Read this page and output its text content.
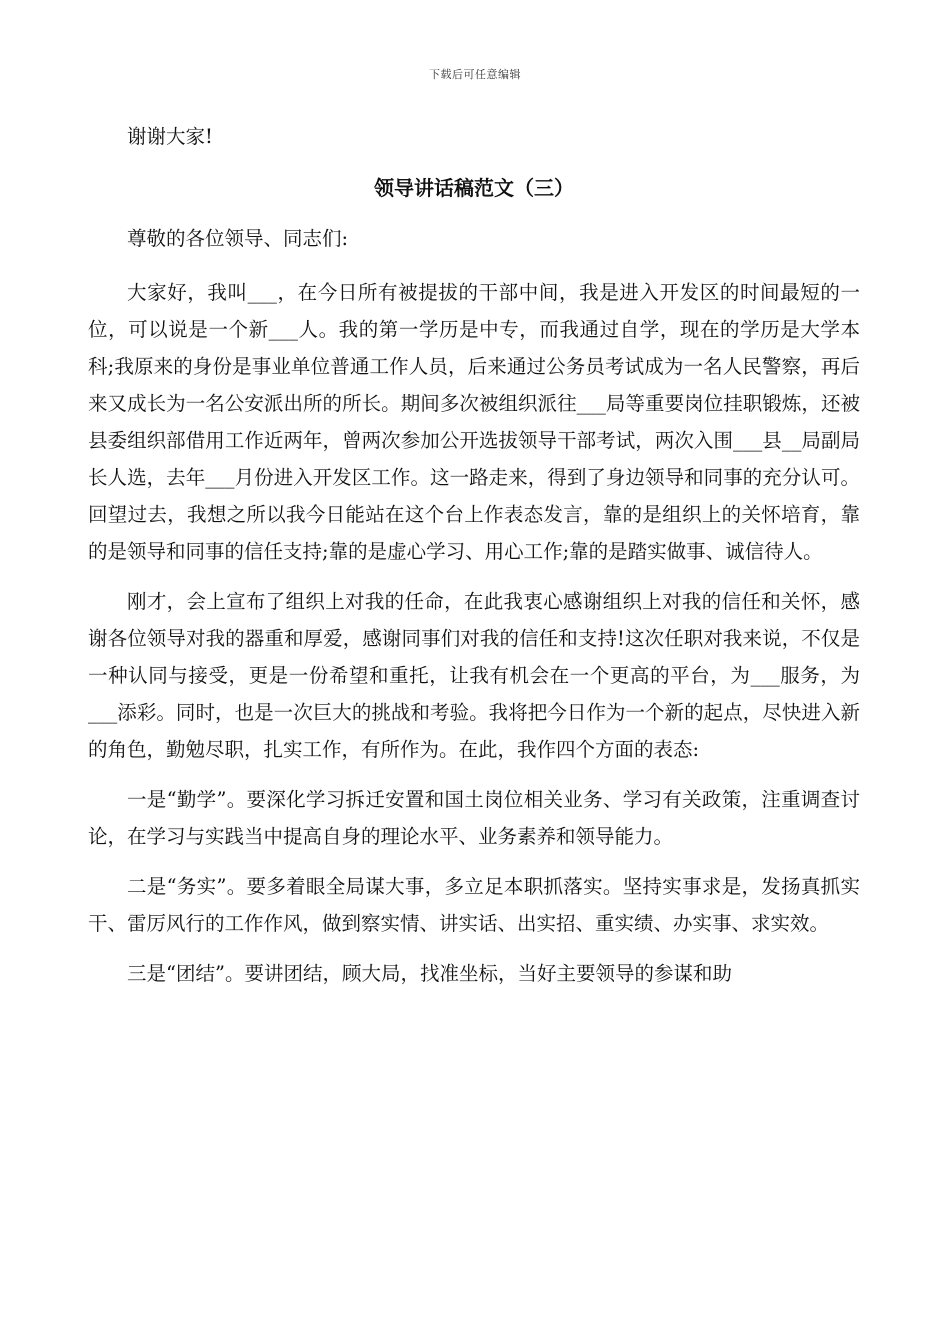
下载后可任意编辑

谢谢大家!

领导讲话稿范文（三）

尊敬的各位领导、同志们:

大家好，我叫___，在今日所有被提拔的干部中间，我是进入开发区的时间最短的一位，可以说是一个新___人。我的第一学历是中专，而我通过自学，现在的学历是大学本科;我原来的身份是事业单位普通工作人员，后来通过公务员考试成为一名人民警察，再后来又成长为一名公安派出所的所长。期间多次被组织派往___局等重要岗位挂职锻炼，还被县委组织部借用工作近两年，曾两次参加公开选拔领导干部考试，两次入围___县__局副局长人选，去年___月份进入开发区工作。这一路走来，得到了身边领导和同事的充分认可。回望过去，我想之所以我今日能站在这个台上作表态发言，靠的是组织上的关怀培育，靠的是领导和同事的信任支持;靠的是虚心学习、用心工作;靠的是踏实做事、诚信待人。

刚才，会上宣布了组织上对我的任命，在此我衷心感谢组织上对我的信任和关怀，感谢各位领导对我的器重和厚爱，感谢同事们对我的信任和支持!这次任职对我来说，不仅是一种认同与接受，更是一份希望和重托，让我有机会在一个更高的平台，为___服务，为___添彩。同时，也是一次巨大的挑战和考验。我将把今日作为一个新的起点，尽快进入新的角色，勤勉尽职，扎实工作，有所作为。在此，我作四个方面的表态:

一是“勤学”。要深化学习拆迁安置和国土岗位相关业务、学习有关政策，注重调查讨论，在学习与实践当中提高自身的理论水平、业务素养和领导能力。

二是“务实”。要多着眼全局谋大事，多立足本职抓落实。坚持实事求是，发扬真抓实干、雷厉风行的工作作风，做到察实情、讲实话、出实招、重实绩、办实事、求实效。

三是“团结”。要讲团结，顾大局，找准坐标，当好主要领导的参谋和助
